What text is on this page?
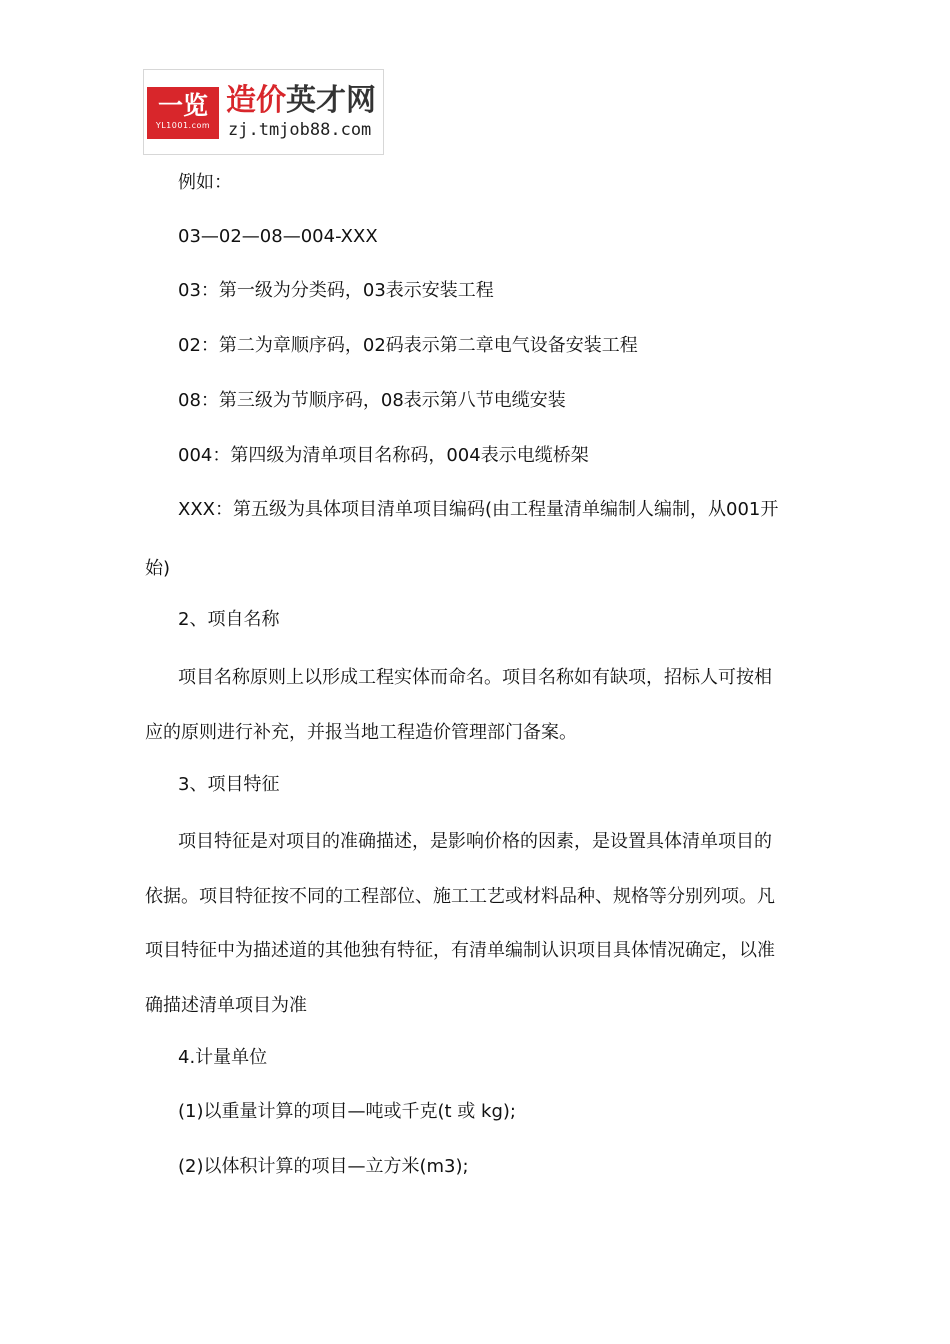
一览
YL1001.com
造价英才网
zj.tmjob88.com

例如：

03—02—08—004-XXX

03：第一级为分类码，03表示安装工程

02：第二为章顺序码，02码表示第二章电气设备安装工程

08：第三级为节顺序码，08表示第八节电缆安装

004：第四级为清单项目名称码，004表示电缆桥架

XXX：第五级为具体项目清单项目编码(由工程量清单编制人编制，从001开

始)

2、项自名称

项目名称原则上以形成工程实体而命名。项目名称如有缺项，招标人可按相

应的原则进行补充，并报当地工程造价管理部门备案。

3、项目特征

项目特征是对项目的准确描述，是影响价格的因素，是设置具体清单项目的

依据。项目特征按不同的工程部位、施工工艺或材料品种、规格等分别列项。凡

项目特征中为描述道的其他独有特征，有清单编制认识项目具体情况确定，以准

确描述清单项目为准

4.计量单位

(1)以重量计算的项目—吨或千克(t 或 kg);

(2)以体积计算的项目—立方米(m3);
